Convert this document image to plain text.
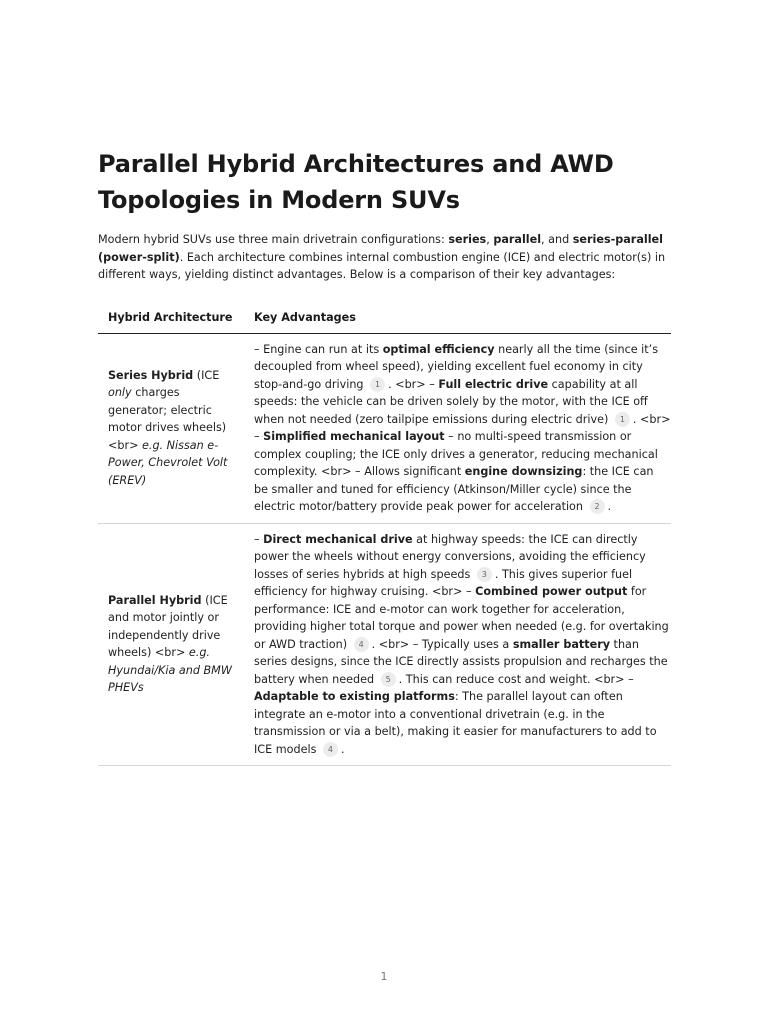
Parallel Hybrid Architectures and AWD Topologies in Modern SUVs

Modern hybrid SUVs use three main drivetrain configurations: series, parallel, and series-parallel (power-split). Each architecture combines internal combustion engine (ICE) and electric motor(s) in different ways, yielding distinct advantages. Below is a comparison of their key advantages:

Hybrid Architecture	Key Advantages
Series Hybrid (ICE only charges generator; electric motor drives wheels) <br> e.g. Nissan e-Power, Chevrolet Volt (EREV)	– Engine can run at its optimal efficiency nearly all the time (since it’s decoupled from wheel speed), yielding excellent fuel economy in city stop-and-go driving 1 . <br> – Full electric drive capability at all speeds: the vehicle can be driven solely by the motor, with the ICE off when not needed (zero tailpipe emissions during electric drive) 1 . <br> – Simplified mechanical layout – no multi-speed transmission or complex coupling; the ICE only drives a generator, reducing mechanical complexity. <br> – Allows significant engine downsizing: the ICE can be smaller and tuned for efficiency (Atkinson/Miller cycle) since the electric motor/battery provide peak power for acceleration 2 .
Parallel Hybrid (ICE and motor jointly or independently drive wheels) <br> e.g. Hyundai/Kia and BMW PHEVs	– Direct mechanical drive at highway speeds: the ICE can directly power the wheels without energy conversions, avoiding the efficiency losses of series hybrids at high speeds 3 . This gives superior fuel efficiency for highway cruising. <br> – Combined power output for performance: ICE and e-motor can work together for acceleration, providing higher total torque and power when needed (e.g. for overtaking or AWD traction) 4 . <br> – Typically uses a smaller battery than series designs, since the ICE directly assists propulsion and recharges the battery when needed 5 . This can reduce cost and weight. <br> – Adaptable to existing platforms: The parallel layout can often integrate an e-motor into a conventional drivetrain (e.g. in the transmission or via a belt), making it easier for manufacturers to add to ICE models 4 .
1
